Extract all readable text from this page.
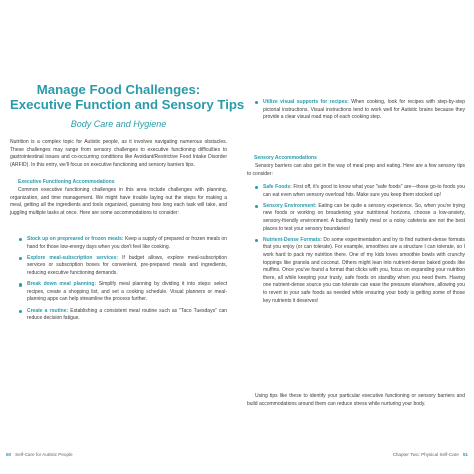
Manage Food Challenges:
Executive Function and Sensory Tips
Body Care and Hygiene
Nutrition is a complex topic for Autistic people, as it involves navigating numerous obstacles. These challenges may range from sensory challenges to executive functioning difficulties to gastrointestinal issues and co-occurring conditions like Avoidant/Restrictive Food Intake Disorder (ARFID). In this entry, we'll focus on executive functioning and sensory barriers tips.
Executive Functioning Accommodations
Common executive functioning challenges in this area include challenges with planning, organization, and time management. We might have trouble laying out the steps for making a meal, getting all the ingredients and tools organized, guessing how long each task will take, and juggling multiple tasks at once. Here are some accommodations to consider:
Stock up on prepreared or frozen meals: Keep a supply of prepared or frozen meals on hand for those low-energy days when you don't feel like cooking.
Explore meal-subscription services: If budget allows, explore meal-subscription services or subscription boxes for convenient, pre-prepared meals and ingredients, reducing executive functioning demands.
Break down meal planning: Simplify meal planning by dividing it into steps: select recipes, create a shopping list, and set a cooking schedule. Visual planners or meal-planning apps can help streamline the process further.
Create a routine: Establishing a consistent meal routine such as "Taco Tuesdays" can reduce decision fatigue.
50 Self-Care for Autistic People
Utilize visual supports for recipes: When cooking, look for recipes with step-by-step pictorial instructions. Visual instructions tend to work well for Autistic brains because they provide a clear visual road map of each cooking step.
Sensory Accommodations
Sensory barriers can also get in the way of meal prep and eating. Here are a few sensory tips to consider:
Safe Foods: First off, it's good to know what your "safe foods" are—those go-to foods you can eat even when sensory overload hits. Make sure you keep them stocked up!
Sensory Environment: Eating can be quite a sensory experience. So, when you're trying new foods or working on broadening your nutritional horizons, choose a low-anxiety, sensory-friendly environment. A bustling family meal or a noisy cafeteria are not the best places to test your sensory boundaries!
Nutrient-Dense Formats: Do some experimentation and try to find nutrient-dense formats that you enjoy (or can tolerate). For example, smoothies are a structure I can tolerate, so I work hard to pack my nutrition there. One of my kids loves smoothie bowls with crunchy toppings like granola and coconut. Others might lean into nutrient-dense baked goods like muffins. Once you've found a format that clicks with you, focus on expanding your nutrition there, all while keeping your trusty, safe foods on standby when you need them. Having one nutrient-dense source you can tolerate can ease the pressure elsewhere, allowing you to revert to your safe foods as needed while ensuring your body is getting some of those key nutrients it deserves!
Using tips like these to identify your particular executive functioning or sensory barriers and build accommodations around them can reduce stress while nurturing your body.
Chapter Two: Physical Self-Care 51
